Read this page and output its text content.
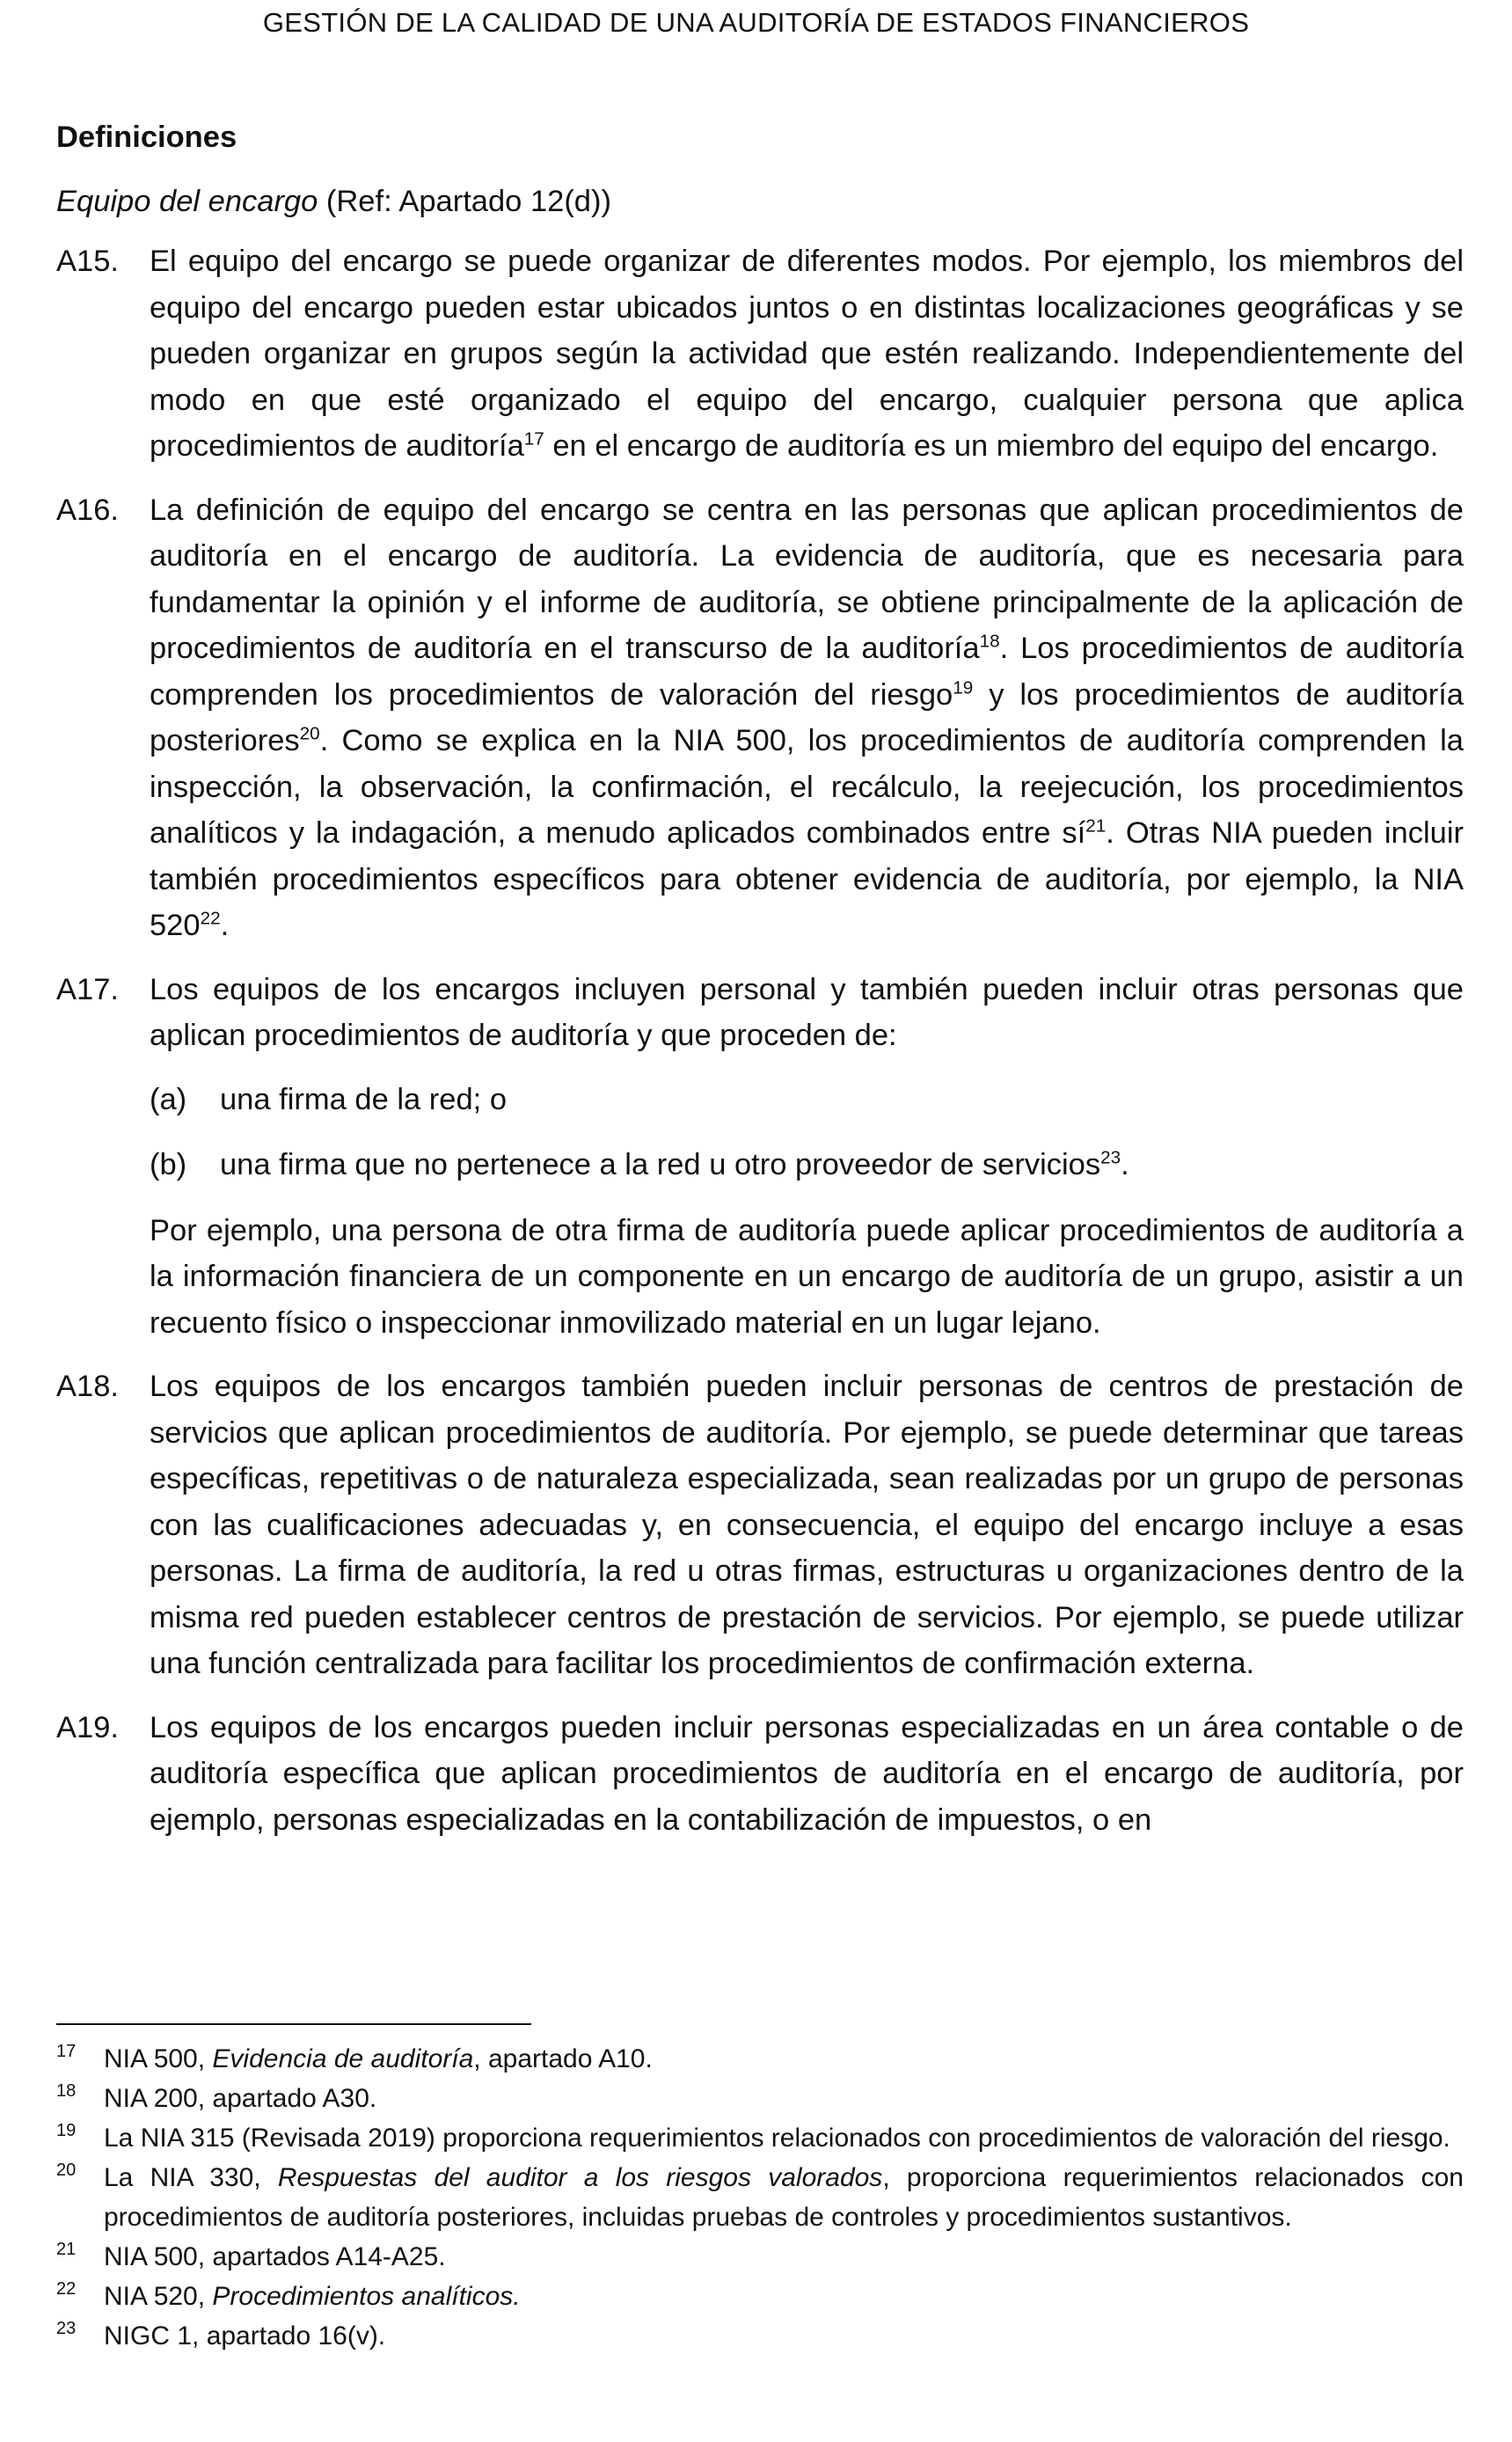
GESTIÓN DE LA CALIDAD DE UNA AUDITORÍA DE ESTADOS FINANCIEROS
Definiciones
Equipo del encargo (Ref: Apartado 12(d))
A15. El equipo del encargo se puede organizar de diferentes modos. Por ejemplo, los miembros del equipo del encargo pueden estar ubicados juntos o en distintas localizaciones geográficas y se pueden organizar en grupos según la actividad que estén realizando. Independientemente del modo en que esté organizado el equipo del encargo, cualquier persona que aplica procedimientos de auditoría$^{17}$ en el encargo de auditoría es un miembro del equipo del encargo.
A16. La definición de equipo del encargo se centra en las personas que aplican procedimientos de auditoría en el encargo de auditoría. La evidencia de auditoría, que es necesaria para fundamentar la opinión y el informe de auditoría, se obtiene principalmente de la aplicación de procedimientos de auditoría en el transcurso de la auditoría$^{18}$. Los procedimientos de auditoría comprenden los procedimientos de valoración del riesgo$^{19}$ y los procedimientos de auditoría posteriores$^{20}$. Como se explica en la NIA 500, los procedimientos de auditoría comprenden la inspección, la observación, la confirmación, el recálculo, la reejecución, los procedimientos analíticos y la indagación, a menudo aplicados combinados entre $sí^{21}$. Otras NIA pueden incluir también procedimientos específicos para obtener evidencia de auditoría, por ejemplo, la NIA $520^{22}$.
A17. Los equipos de los encargos incluyen personal y también pueden incluir otras personas que aplican procedimientos de auditoría y que proceden de:
(a) una firma de la red; o
(b) una firma que no pertenece a la red u otro proveedor de servicios$^{23}$.
Por ejemplo, una persona de otra firma de auditoría puede aplicar procedimientos de auditoría a la información financiera de un componente en un encargo de auditoría de un grupo, asistir a un recuento físico o inspeccionar inmovilizado material en un lugar lejano.
A18. Los equipos de los encargos también pueden incluir personas de centros de prestación de servicios que aplican procedimientos de auditoría. Por ejemplo, se puede determinar que tareas específicas, repetitivas o de naturaleza especializada, sean realizadas por un grupo de personas con las cualificaciones adecuadas y, en consecuencia, el equipo del encargo incluye a esas personas. La firma de auditoría, la red u otras firmas, estructuras u organizaciones dentro de la misma red pueden establecer centros de prestación de servicios. Por ejemplo, se puede utilizar una función centralizada para facilitar los procedimientos de confirmación externa.
A19. Los equipos de los encargos pueden incluir personas especializadas en un área contable o de auditoría específica que aplican procedimientos de auditoría en el encargo de auditoría, por ejemplo, personas especializadas en la contabilización de impuestos, o en
17 NIA 500, Evidencia de auditoría, apartado A10.
18 NIA 200, apartado A30.
19 La NIA 315 (Revisada 2019) proporciona requerimientos relacionados con procedimientos de valoración del riesgo.
20 La NIA 330, Respuestas del auditor a los riesgos valorados, proporciona requerimientos relacionados con procedimientos de auditoría posteriores, incluidas pruebas de controles y procedimientos sustantivos.
21 NIA 500, apartados A14-A25.
22 NIA 520, Procedimientos analíticos.
23 NIGC 1, apartado 16(v).
